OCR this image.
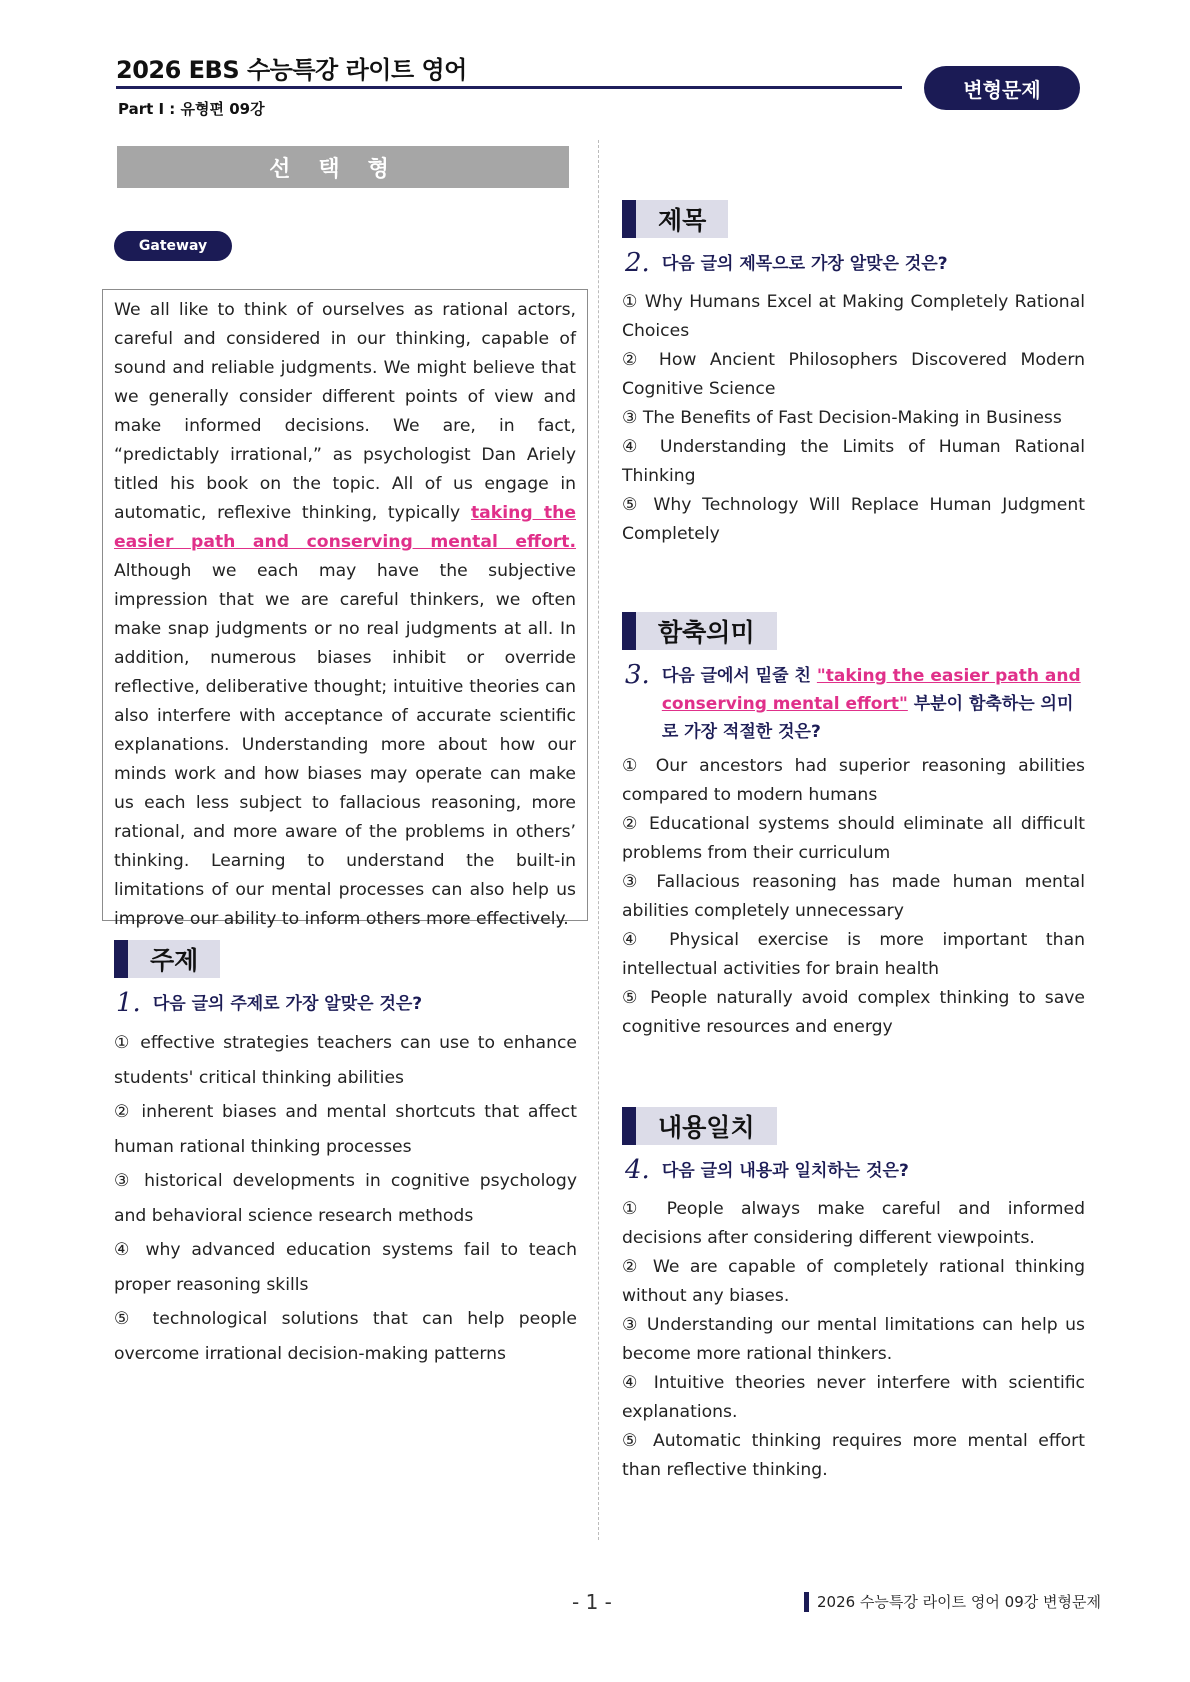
2026 EBS 수능특강 라이트 영어
Part Ⅰ : 유형편 09강
변형문제
선택형
Gateway
We all like to think of ourselves as rational actors, careful and considered in our thinking, capable of sound and reliable judgments. We might believe that we generally consider different points of view and make informed decisions. We are, in fact, “predictably irrational,” as psychologist Dan Ariely titled his book on the topic. All of us engage in automatic, reflexive thinking, typically taking the easier path and conserving mental effort. Although we each may have the subjective impression that we are careful thinkers, we often make snap judgments or no real judgments at all. In addition, numerous biases inhibit or override reflective, deliberative thought; intuitive theories can also interfere with acceptance of accurate scientific explanations. Understanding more about how our minds work and how biases may operate can make us each less subject to fallacious reasoning, more rational, and more aware of the problems in others’ thinking. Learning to understand the built-in limitations of our mental processes can also help us improve our ability to inform others more effectively.
주제
1. 다음 글의 주제로 가장 알맞은 것은?
① effective strategies teachers can use to enhance students' critical thinking abilities
② inherent biases and mental shortcuts that affect human rational thinking processes
③ historical developments in cognitive psychology and behavioral science research methods
④ why advanced education systems fail to teach proper reasoning skills
⑤ technological solutions that can help people overcome irrational decision-making patterns
제목
2. 다음 글의 제목으로 가장 알맞은 것은?
① Why Humans Excel at Making Completely Rational Choices
② How Ancient Philosophers Discovered Modern Cognitive Science
③ The Benefits of Fast Decision-Making in Business
④ Understanding the Limits of Human Rational Thinking
⑤ Why Technology Will Replace Human Judgment Completely
함축의미
3. 다음 글에서 밑줄 친 "taking the easier path and conserving mental effort" 부분이 함축하는 의미로 가장 적절한 것은?
① Our ancestors had superior reasoning abilities compared to modern humans
② Educational systems should eliminate all difficult problems from their curriculum
③ Fallacious reasoning has made human mental abilities completely unnecessary
④ Physical exercise is more important than intellectual activities for brain health
⑤ People naturally avoid complex thinking to save cognitive resources and energy
내용일치
4. 다음 글의 내용과 일치하는 것은?
① People always make careful and informed decisions after considering different viewpoints.
② We are capable of completely rational thinking without any biases.
③ Understanding our mental limitations can help us become more rational thinkers.
④ Intuitive theories never interfere with scientific explanations.
⑤ Automatic thinking requires more mental effort than reflective thinking.
- 1 -	2026 수능특강 라이트 영어 09강 변형문제
